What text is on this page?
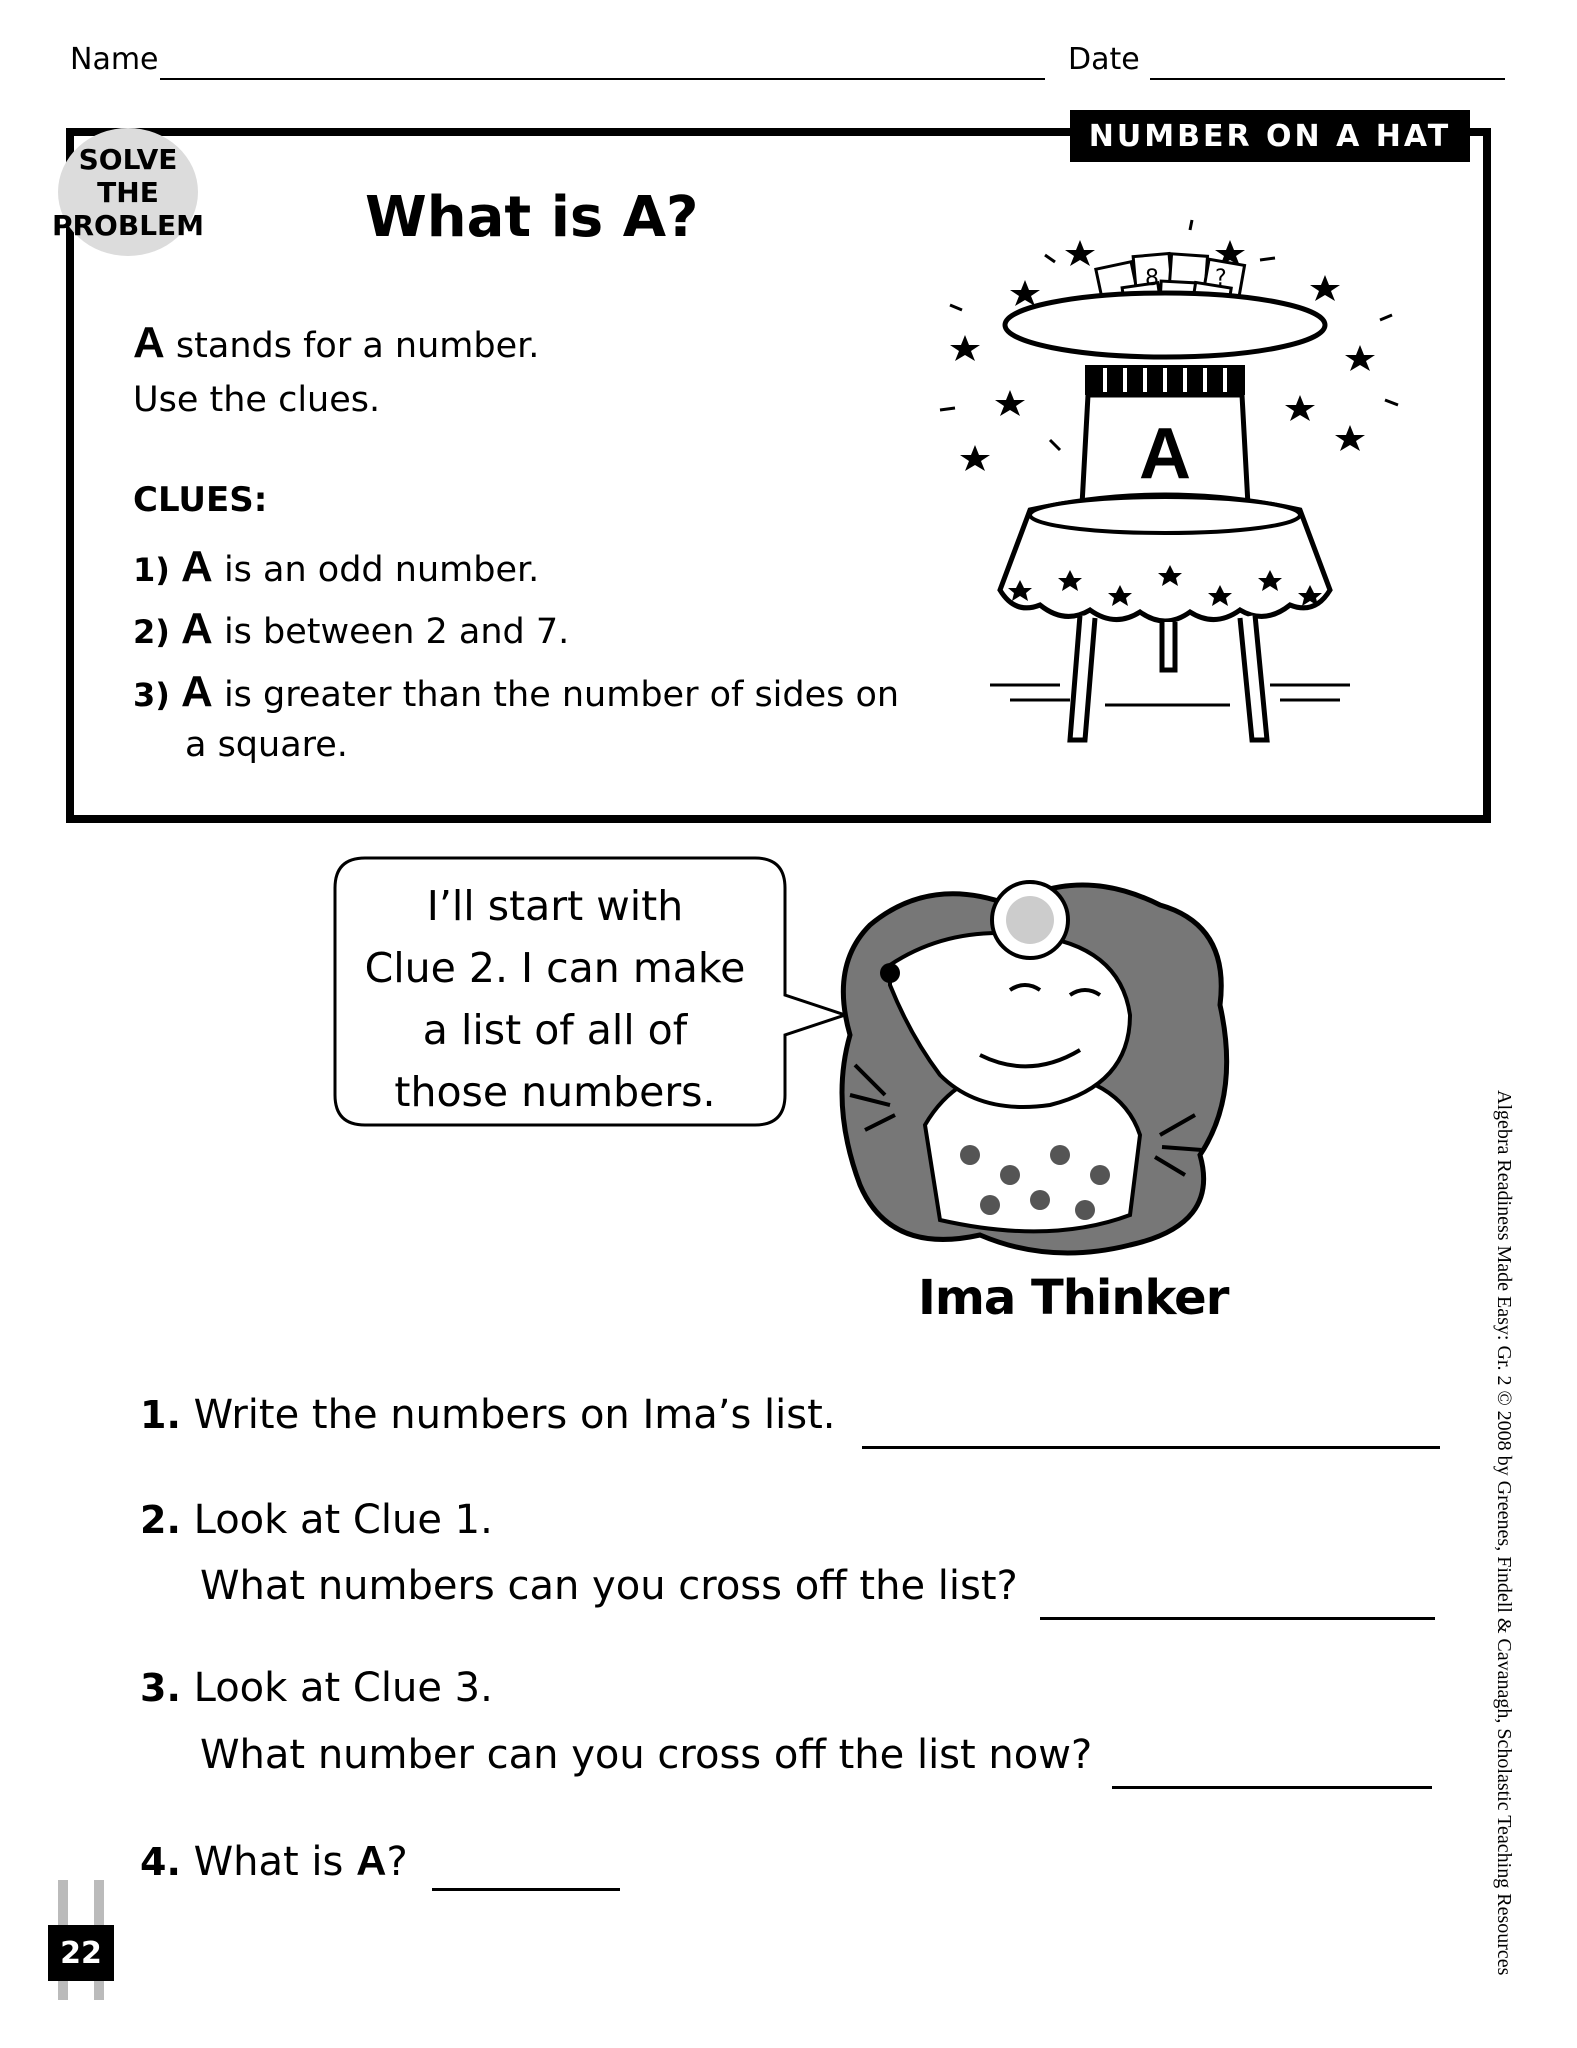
Name	Date
NUMBER ON A HAT
SOLVE
THE
PROBLEM	What is A?
A stands for a number.
Use the clues.
CLUES:
1) A is an odd number.
2) A is between 2 and 7.
3) A is greater than the number of sides on
a square.
8	?
A
I’ll start with
Clue 2. I can make
a list of all of
those numbers.
Ima Thinker
1. Write the numbers on Ima’s list.
2. Look at Clue 1.
What numbers can you cross off the list?
3. Look at Clue 3.
What number can you cross off the list now?
4. What is A?
22	Algebra Readiness Made Easy: Gr. 2 © 2008 by Greenes, Findell & Cavanagh, Scholastic Teaching Resources
